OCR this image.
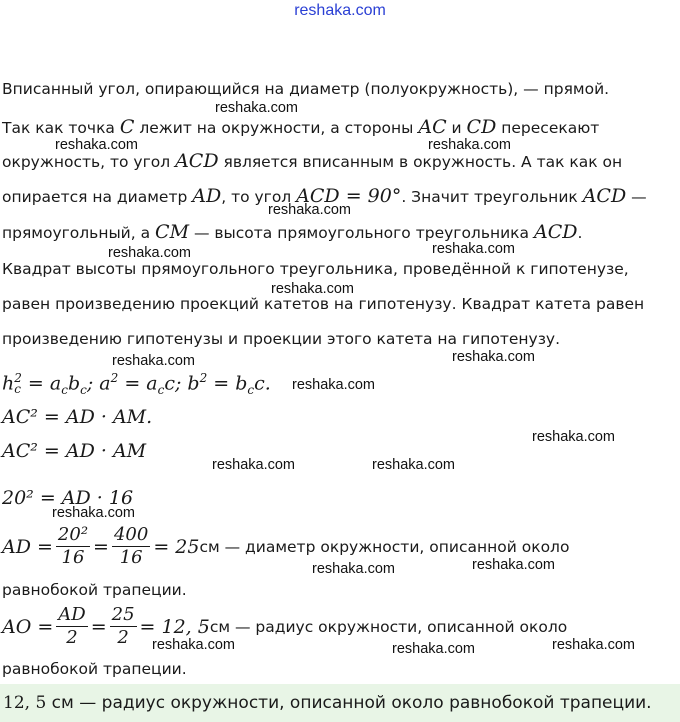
reshaka.com
Вписанный угол, опирающийся на диаметр (полуокружность), — прямой.
Так как точка C лежит на окружности, а стороны AC и CD пересекают
окружность, то угол ACD является вписанным в окружность. А так как он
опирается на диаметр AD, то угол ACD = 90°. Значит треугольник ACD —
прямоугольный, а CM — высота прямоугольного треугольника ACD.
Квадрат высоты прямоугольного треугольника, проведённой к гипотенузе,
равен произведению проекций катетов на гипотенузу. Квадрат катета равен
произведению гипотенузы и проекции этого катета на гипотенузу.
h 2
$c = a_cb_c$; $a^2 = a_cc$; $b^2 = b_cc$.
AC² = AD · AM.
AC² = AD · AM
20² = AD · 16
AD = $\frac{\text{20²}}{16} = \frac{400}{16} = 25$ см — диаметр окружности, описанной около
равнобокой трапеции.
AO = $\frac{AD}{2} = \frac{25}{2} = 12$, 5 см — радиус окружности, описанной около
равнобокой трапеции.
12, 5 см — радиус окружности, описанной около равнобокой трапеции.
reshaka.com
reshaka.com	reshaka.com
reshaka.com
reshaka.com	reshaka.com
reshaka.com
reshaka.com	reshaka.com
reshaka.com
reshaka.com
reshaka.com	reshaka.com
reshaka.com
reshaka.com	reshaka.com
reshaka.com	reshaka.com	reshaka.com
